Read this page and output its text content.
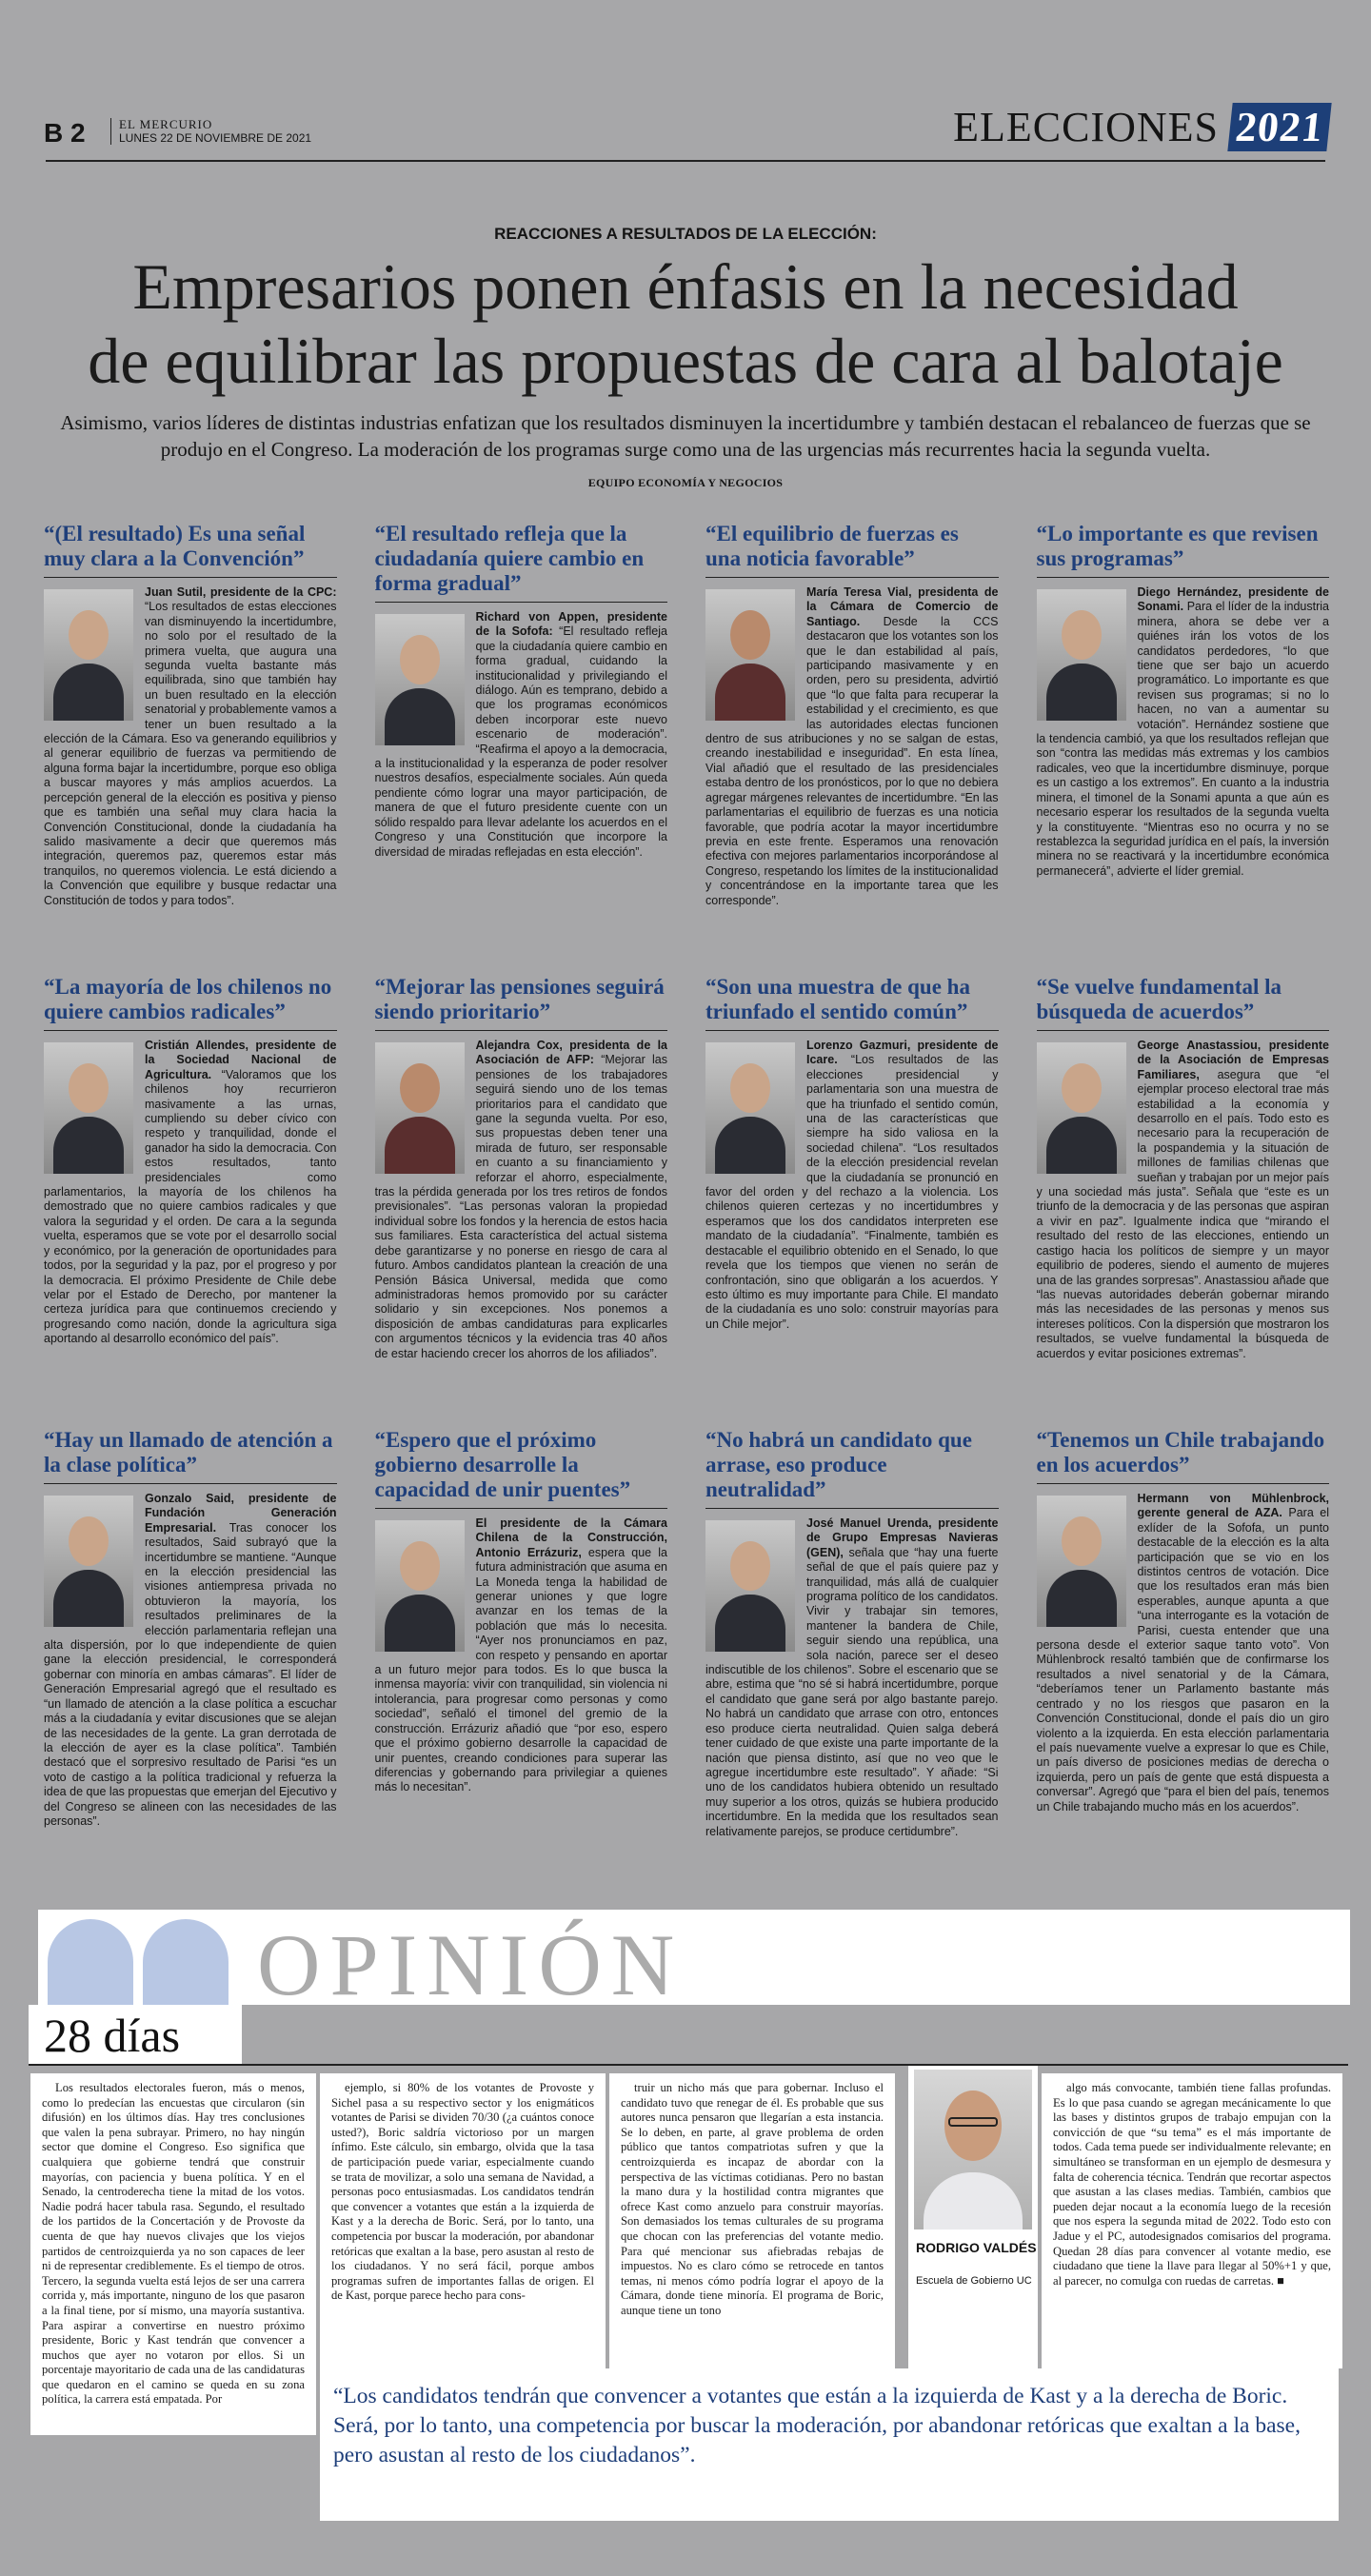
B 2	EL MERCURIO
LUNES 22 DE NOVIEMBRE DE 2021	ELECCIONES 2021
REACCIONES A RESULTADOS DE LA ELECCIÓN:
Empresarios ponen énfasis en la necesidad
de equilibrar las propuestas de cara al balotaje
Asimismo, varios líderes de distintas industrias enfatizan que los resultados disminuyen la incertidumbre y también destacan el rebalanceo de fuerzas que se produjo en el Congreso. La moderación de los programas surge como una de las urgencias más recurrentes hacia la segunda vuelta.
EQUIPO ECONOMÍA Y NEGOCIOS
“(El resultado) Es una señal muy clara a la Convención”
Juan Sutil, presidente de la CPC: “Los resultados de estas elecciones van disminuyendo la incertidumbre, no solo por el resultado de la primera vuelta, que augura una segunda vuelta bastante más equilibrada, sino que también hay un buen resultado en la elección senatorial y probablemente vamos a tener un buen resultado a la elección de la Cámara. Eso va generando equilibrios y al generar equilibrio de fuerzas va permitiendo de alguna forma bajar la incertidumbre, porque eso obliga a buscar mayores y más amplios acuerdos. La percepción general de la elección es positiva y pienso que es también una señal muy clara hacia la Convención Constitucional, donde la ciudadanía ha salido masivamente a decir que queremos más integración, queremos paz, queremos estar más tranquilos, no queremos violencia. Le está diciendo a la Convención que equilibre y busque redactar una Constitución de todos y para todos”.
“El resultado refleja que la ciudadanía quiere cambio en forma gradual”
Richard von Appen, presidente de la Sofofa: “El resultado refleja que la ciudadanía quiere cambio en forma gradual, cuidando la institucionalidad y privilegiando el diálogo. Aún es temprano, debido a que los programas económicos deben incorporar este nuevo escenario de moderación”. “Reafirma el apoyo a la democracia, a la institucionalidad y la esperanza de poder resolver nuestros desafíos, especialmente sociales. Aún queda pendiente cómo lograr una mayor participación, de manera de que el futuro presidente cuente con un sólido respaldo para llevar adelante los acuerdos en el Congreso y una Constitución que incorpore la diversidad de miradas reflejadas en esta elección”.
“El equilibrio de fuerzas es una noticia favorable”
María Teresa Vial, presidenta de la Cámara de Comercio de Santiago. Desde la CCS destacaron que los votantes son los que le dan estabilidad al país, participando masivamente y en orden, pero su presidenta, advirtió que “lo que falta para recuperar la estabilidad y el crecimiento, es que las autoridades electas funcionen dentro de sus atribuciones y no se salgan de estas, creando inestabilidad e inseguridad”. En esta línea, Vial añadió que el resultado de las presidenciales estaba dentro de los pronósticos, por lo que no debiera agregar márgenes relevantes de incertidumbre. “En las parlamentarias el equilibrio de fuerzas es una noticia favorable, que podría acotar la mayor incertidumbre previa en este frente. Esperamos una renovación efectiva con mejores parlamentarios incorporándose al Congreso, respetando los límites de la institucionalidad y concentrándose en la importante tarea que les corresponde”.
“Lo importante es que revisen sus programas”
Diego Hernández, presidente de Sonami. Para el líder de la industria minera, ahora se debe ver a quiénes irán los votos de los candidatos perdedores, “lo que tiene que ser bajo un acuerdo programático. Lo importante es que revisen sus programas; si no lo hacen, no van a aumentar su votación”. Hernández sostiene que la tendencia cambió, ya que los resultados reflejan que son “contra las medidas más extremas y los cambios radicales, veo que la incertidumbre disminuye, porque es un castigo a los extremos”. En cuanto a la industria minera, el timonel de la Sonami apunta a que aún es necesario esperar los resultados de la segunda vuelta y la constituyente. “Mientras eso no ocurra y no se restablezca la seguridad jurídica en el país, la inversión minera no se reactivará y la incertidumbre económica permanecerá”, advierte el líder gremial.
“La mayoría de los chilenos no quiere cambios radicales”
Cristián Allendes, presidente de la Sociedad Nacional de Agricultura. “Valoramos que los chilenos hoy recurrieron masivamente a las urnas, cumpliendo su deber cívico con respeto y tranquilidad, donde el ganador ha sido la democracia. Con estos resultados, tanto presidenciales como parlamentarios, la mayoría de los chilenos ha demostrado que no quiere cambios radicales y que valora la seguridad y el orden. De cara a la segunda vuelta, esperamos que se vote por el desarrollo social y económico, por la generación de oportunidades para todos, por la seguridad y la paz, por el progreso y por la democracia. El próximo Presidente de Chile debe velar por el Estado de Derecho, por mantener la certeza jurídica para que continuemos creciendo y progresando como nación, donde la agricultura siga aportando al desarrollo económico del país”.
“Mejorar las pensiones seguirá siendo prioritario”
Alejandra Cox, presidenta de la Asociación de AFP: “Mejorar las pensiones de los trabajadores seguirá siendo uno de los temas prioritarios para el candidato que gane la segunda vuelta. Por eso, sus propuestas deben tener una mirada de futuro, ser responsable en cuanto a su financiamiento y reforzar el ahorro, especialmente, tras la pérdida generada por los tres retiros de fondos previsionales”. “Las personas valoran la propiedad individual sobre los fondos y la herencia de estos hacia sus familiares. Esta característica del actual sistema debe garantizarse y no ponerse en riesgo de cara al futuro. Ambos candidatos plantean la creación de una Pensión Básica Universal, medida que como administradoras hemos promovido por su carácter solidario y sin excepciones. Nos ponemos a disposición de ambas candidaturas para explicarles con argumentos técnicos y la evidencia tras 40 años de estar haciendo crecer los ahorros de los afiliados”.
“Son una muestra de que ha triunfado el sentido común”
Lorenzo Gazmuri, presidente de Icare. “Los resultados de las elecciones presidencial y parlamentaria son una muestra de que ha triunfado el sentido común, una de las características que siempre ha sido valiosa en la sociedad chilena”. “Los resultados de la elección presidencial revelan que la ciudadanía se pronunció en favor del orden y del rechazo a la violencia. Los chilenos quieren certezas y no incertidumbres y esperamos que los dos candidatos interpreten ese mandato de la ciudadanía”. “Finalmente, también es destacable el equilibrio obtenido en el Senado, lo que revela que los tiempos que vienen no serán de confrontación, sino que obligarán a los acuerdos. Y esto último es muy importante para Chile. El mandato de la ciudadanía es uno solo: construir mayorías para un Chile mejor”.
“Se vuelve fundamental la búsqueda de acuerdos”
George Anastassiou, presidente de la Asociación de Empresas Familiares, asegura que “el ejemplar proceso electoral trae más estabilidad a la economía y desarrollo en el país. Todo esto es necesario para la recuperación de la pospandemia y la situación de millones de familias chilenas que sueñan y trabajan por un mejor país y una sociedad más justa”. Señala que “este es un triunfo de la democracia y de las personas que aspiran a vivir en paz”. Igualmente indica que “mirando el resultado del resto de las elecciones, entiendo un castigo hacia los políticos de siempre y un mayor equilibrio de poderes, siendo el aumento de mujeres una de las grandes sorpresas”. Anastassiou añade que “las nuevas autoridades deberán gobernar mirando más las necesidades de las personas y menos sus intereses políticos. Con la dispersión que mostraron los resultados, se vuelve fundamental la búsqueda de acuerdos y evitar posiciones extremas”.
“Hay un llamado de atención a la clase política”
Gonzalo Said, presidente de Fundación Generación Empresarial. Tras conocer los resultados, Said subrayó que la incertidumbre se mantiene. “Aunque en la elección presidencial las visiones antiempresa privada no obtuvieron la mayoría, los resultados preliminares de la elección parlamentaria reflejan una alta dispersión, por lo que independiente de quien gane la elección presidencial, le corresponderá gobernar con minoría en ambas cámaras”. El líder de Generación Empresarial agregó que el resultado es “un llamado de atención a la clase política a escuchar más a la ciudadanía y evitar discusiones que se alejan de las necesidades de la gente. La gran derrotada de la elección de ayer es la clase política”. También destacó que el sorpresivo resultado de Parisi “es un voto de castigo a la política tradicional y refuerza la idea de que las propuestas que emerjan del Ejecutivo y del Congreso se alineen con las necesidades de las personas”.
“Espero que el próximo gobierno desarrolle la capacidad de unir puentes”
El presidente de la Cámara Chilena de la Construcción, Antonio Errázuriz, espera que la futura administración que asuma en La Moneda tenga la habilidad de generar uniones y que logre avanzar en los temas de la población que más lo necesita. “Ayer nos pronunciamos en paz, con respeto y pensando en aportar a un futuro mejor para todos. Es lo que busca la inmensa mayoría: vivir con tranquilidad, sin violencia ni intolerancia, para progresar como personas y como sociedad”, señaló el timonel del gremio de la construcción. Errázuriz añadió que “por eso, espero que el próximo gobierno desarrolle la capacidad de unir puentes, creando condiciones para superar las diferencias y gobernando para privilegiar a quienes más lo necesitan”.
“No habrá un candidato que arrase, eso produce neutralidad”
José Manuel Urenda, presidente de Grupo Empresas Navieras (GEN), señala que “hay una fuerte señal de que el país quiere paz y tranquilidad, más allá de cualquier programa político de los candidatos. Vivir y trabajar sin temores, mantener la bandera de Chile, seguir siendo una república, una sola nación, parece ser el deseo indiscutible de los chilenos”. Sobre el escenario que se abre, estima que “no sé si habrá incertidumbre, porque el candidato que gane será por algo bastante parejo. No habrá un candidato que arrase con otro, entonces eso produce cierta neutralidad. Quien salga deberá tener cuidado de que existe una parte importante de la nación que piensa distinto, así que no veo que le agregue incertidumbre este resultado”. Y añade: “Si uno de los candidatos hubiera obtenido un resultado muy superior a los otros, quizás se hubiera producido incertidumbre. En la medida que los resultados sean relativamente parejos, se produce certidumbre”.
“Tenemos un Chile trabajando en los acuerdos”
Hermann von Mühlenbrock, gerente general de AZA. Para el exlíder de la Sofofa, un punto destacable de la elección es la alta participación que se vio en los distintos centros de votación. Dice que los resultados eran más bien esperables, aunque apunta a que “una interrogante es la votación de Parisi, cuesta entender que una persona desde el exterior saque tanto voto”. Von Mühlenbrock resaltó también que de confirmarse los resultados a nivel senatorial y de la Cámara, “deberíamos tener un Parlamento bastante más centrado y no los riesgos que pasaron en la Convención Constitucional, donde el país dio un giro violento a la izquierda. En esta elección parlamentaria el país nuevamente vuelve a expresar lo que es Chile, un país diverso de posiciones medias de derecha o izquierda, pero un país de gente que está dispuesta a conversar”. Agregó que “para el bien del país, tenemos un Chile trabajando mucho más en los acuerdos”.
OPINIÓN
28 días

Los resultados electorales fueron, más o menos, como lo predecían las encuestas que circularon (sin difusión) en los últimos días. Hay tres conclusiones que valen la pena subrayar. Primero, no hay ningún sector que domine el Congreso. Eso significa que cualquiera que gobierne tendrá que construir mayorías, con paciencia y buena política. Y en el Senado, la centroderecha tiene la mitad de los votos. Nadie podrá hacer tabula rasa. Segundo, el resultado de los partidos de la Concertación y de Provoste da cuenta de que hay nuevos clivajes que los viejos partidos de centroizquierda ya no son capaces de leer ni de representar crediblemente. Es el tiempo de otros. Tercero, la segunda vuelta está lejos de ser una carrera corrida y, más importante, ninguno de los que pasaron a la final tiene, por sí mismo, una mayoría sustantiva. Para aspirar a convertirse en nuestro próximo presidente, Boric y Kast tendrán que convencer a muchos que ayer no votaron por ellos. Si un porcentaje mayoritario de cada una de las candidaturas que quedaron en el camino se queda en su zona política, la carrera está empatada. Por

ejemplo, si 80% de los votantes de Provoste y Sichel pasa a su respectivo sector y los enigmáticos votantes de Parisi se dividen 70/30 (¿a cuántos conoce usted?), Boric saldría victorioso por un margen ínfimo. Este cálculo, sin embargo, olvida que la tasa de participación puede variar, especialmente cuando se trata de movilizar, a solo una semana de Navidad, a personas poco entusiasmadas. Los candidatos tendrán que convencer a votantes que están a la izquierda de Kast y a la derecha de Boric. Será, por lo tanto, una competencia por buscar la moderación, por abandonar retóricas que exaltan a la base, pero asustan al resto de los ciudadanos. Y no será fácil, porque ambos programas sufren de importantes fallas de origen. El de Kast, porque parece hecho para cons-

truir un nicho más que para gobernar. Incluso el candidato tuvo que renegar de él. Es probable que sus autores nunca pensaron que llegarían a esta instancia. Se lo deben, en parte, al grave problema de orden público que tantos compatriotas sufren y que la centroizquierda es incapaz de abordar con la perspectiva de las víctimas cotidianas. Pero no bastan la mano dura y la hostilidad contra migrantes que ofrece Kast como anzuelo para construir mayorías. Son demasiados los temas culturales de su programa que chocan con las preferencias del votante medio. Para qué mencionar sus afiebradas rebajas de impuestos. No es claro cómo se retrocede en tantos temas, ni menos cómo podría lograr el apoyo de la Cámara, donde tiene minoría. El programa de Boric, aunque tiene un tono

RODRIGO VALDÉS
Escuela de Gobierno UC

algo más convocante, también tiene fallas profundas. Es lo que pasa cuando se agregan mecánicamente lo que las bases y distintos grupos de trabajo empujan con la convicción de que “su tema” es el más importante de todos. Cada tema puede ser individualmente relevante; en simultáneo se transforman en un ejemplo de desmesura y falta de coherencia técnica. Tendrán que recortar aspectos que asustan a las clases medias. También, cambios que pueden dejar nocaut a la economía luego de la recesión que nos espera la segunda mitad de 2022. Todo esto con Jadue y el PC, autodesignados comisarios del programa. Quedan 28 días para convencer al votante medio, ese ciudadano que tiene la llave para llegar al 50%+1 y que, al parecer, no comulga con ruedas de carretas. ■

“Los candidatos tendrán que convencer a votantes que están a la izquierda de Kast y a la derecha de Boric. Será, por lo tanto, una competencia por buscar la moderación, por abandonar retóricas que exaltan a la base, pero asustan al resto de los ciudadanos”.
